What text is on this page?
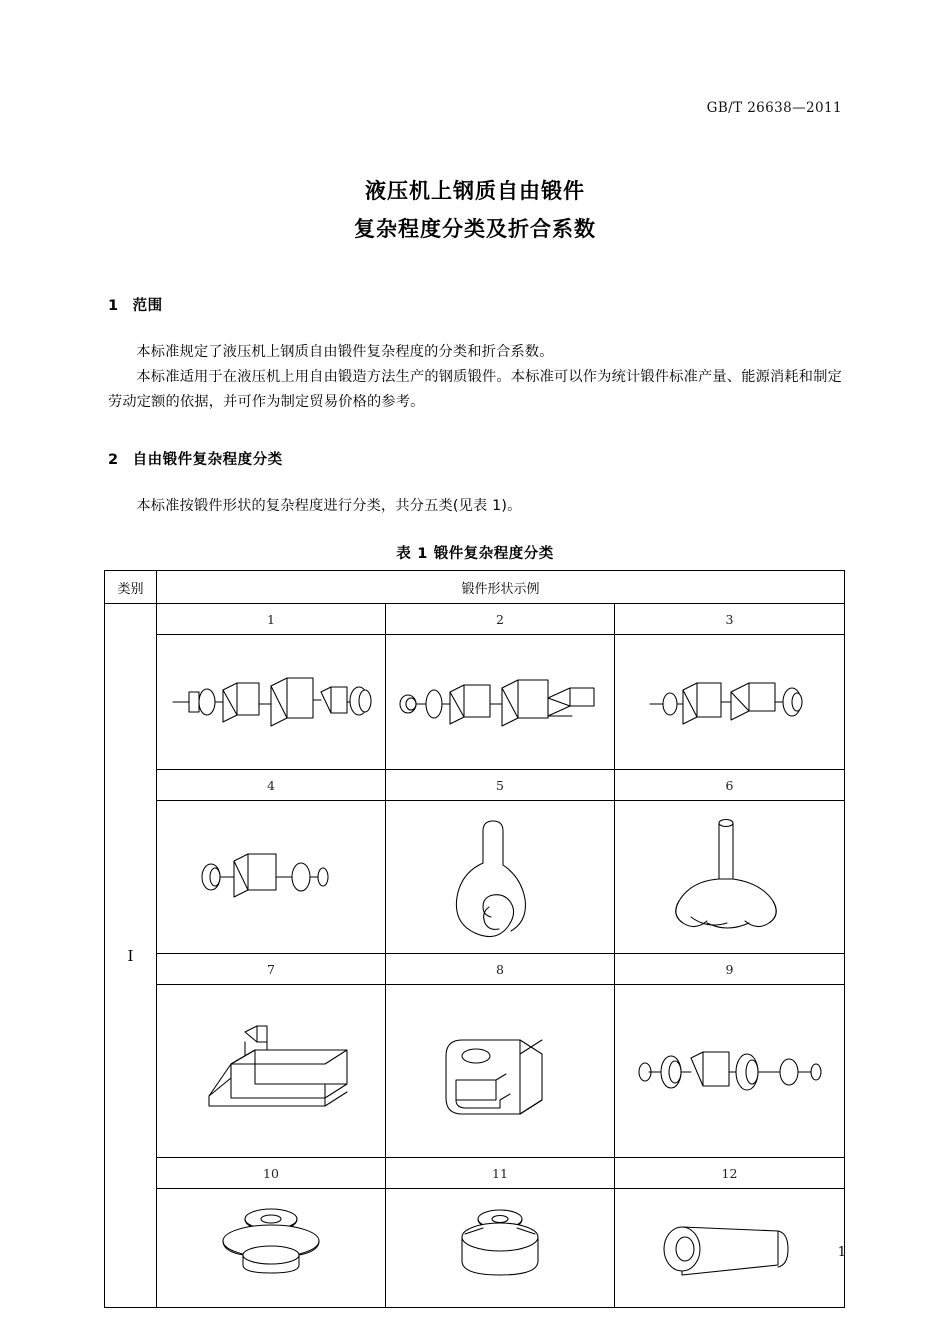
GB/T 26638—2011
液压机上钢质自由锻件
复杂程度分类及折合系数
1 范围

本标准规定了液压机上钢质自由锻件复杂程度的分类和折合系数。

本标准适用于在液压机上用自由锻造方法生产的钢质锻件。本标准可以作为统计锻件标准产量、能源消耗和制定劳动定额的依据，并可作为制定贸易价格的参考。

2 自由锻件复杂程度分类

本标准按锻件形状的复杂程度进行分类，共分五类(见表 1)。

表 1 锻件复杂程度分类
类别	锻件形状示例		
Ⅰ	1	2	3

	4	5	6

	7	8	9

	10	11	12

1
